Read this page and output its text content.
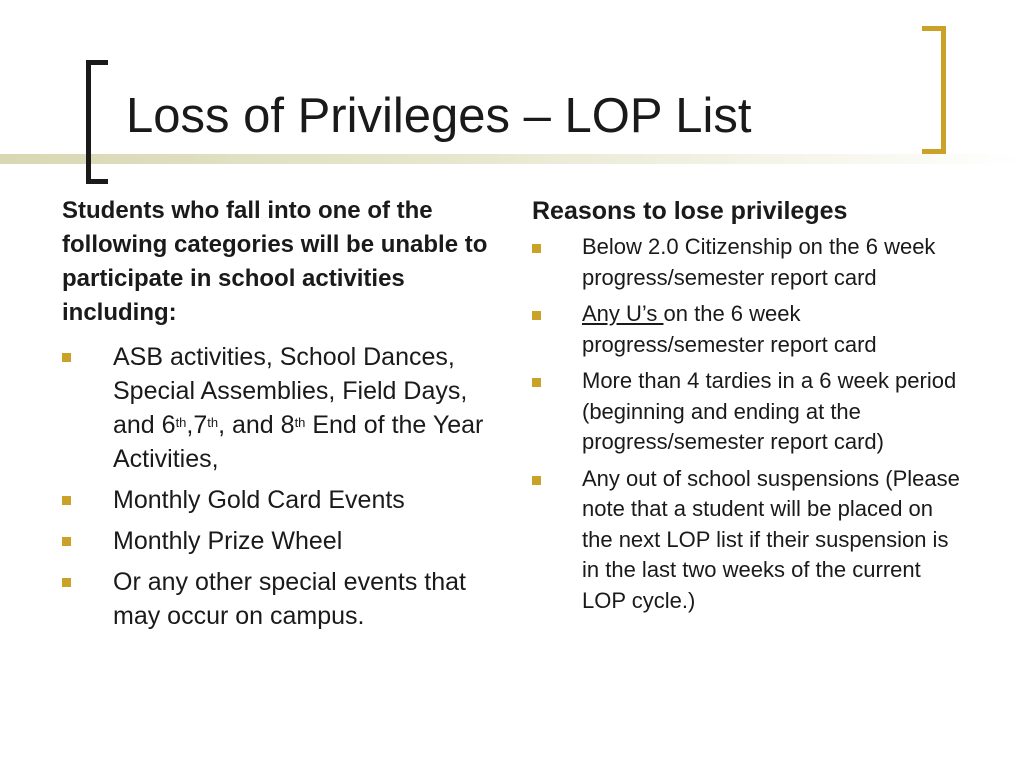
Loss of Privileges – LOP List

Students who fall into one of the following categories will be unable to participate in school activities including:

ASB activities, School Dances, Special Assemblies, Field Days, and 6th,7th, and 8th End of the Year Activities,
Monthly Gold Card Events
Monthly Prize Wheel
Or any other special events that may occur on campus.

Reasons to lose privileges

Below 2.0 Citizenship on the 6 week progress/semester report card
Any U’s on the 6 week progress/semester report card
More than 4 tardies in a 6 week period (beginning and ending at the progress/semester report card)
Any out of school suspensions (Please note that a student will be placed on the next LOP list if their suspension is in the last two weeks of the current LOP cycle.)
